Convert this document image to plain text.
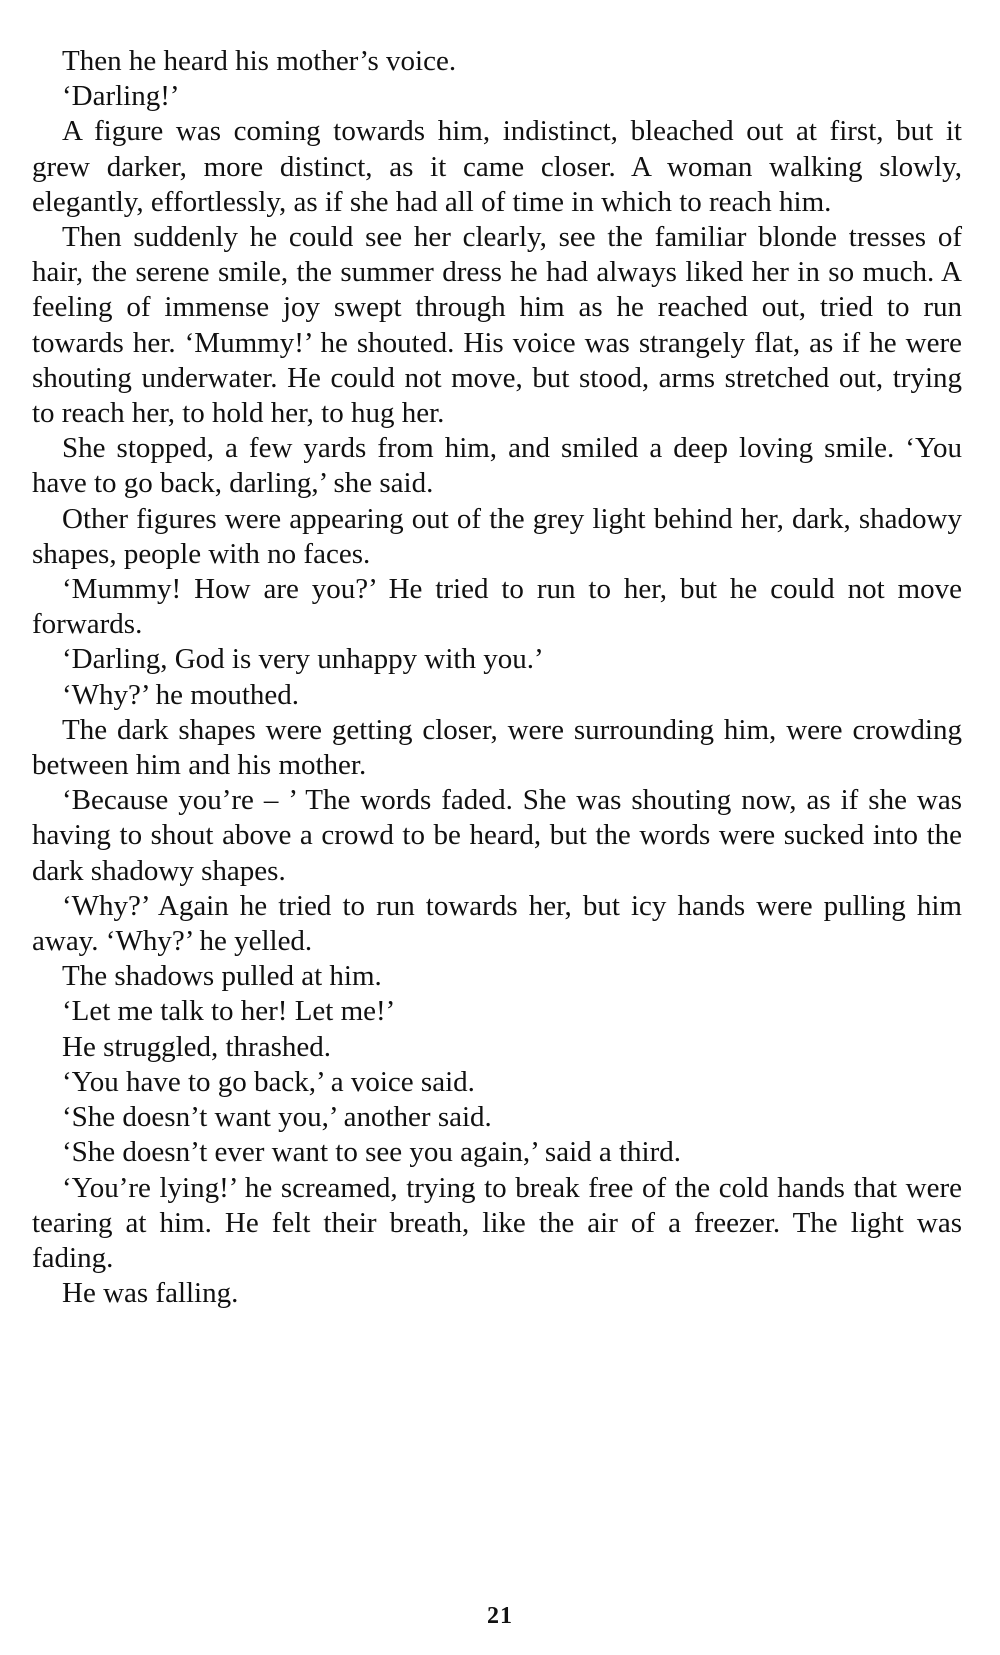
Then he heard his mother’s voice.

‘Darling!’

A figure was coming towards him, indistinct, bleached out at first, but it grew darker, more distinct, as it came closer. A woman walking slowly, elegantly, effortlessly, as if she had all of time in which to reach him.

Then suddenly he could see her clearly, see the familiar blonde tresses of hair, the serene smile, the summer dress he had always liked her in so much. A feeling of immense joy swept through him as he reached out, tried to run towards her. ‘Mummy!’ he shouted. His voice was strangely flat, as if he were shouting underwater. He could not move, but stood, arms stretched out, trying to reach her, to hold her, to hug her.

She stopped, a few yards from him, and smiled a deep loving smile. ‘You have to go back, darling,’ she said.

Other figures were appearing out of the grey light behind her, dark, shadowy shapes, people with no faces.

‘Mummy! How are you?’ He tried to run to her, but he could not move forwards.

‘Darling, God is very unhappy with you.’

‘Why?’ he mouthed.

The dark shapes were getting closer, were surrounding him, were crowding between him and his mother.

‘Because you’re – ’ The words faded. She was shouting now, as if she was having to shout above a crowd to be heard, but the words were sucked into the dark shadowy shapes.

‘Why?’ Again he tried to run towards her, but icy hands were pulling him away. ‘Why?’ he yelled.

The shadows pulled at him.

‘Let me talk to her! Let me!’

He struggled, thrashed.

‘You have to go back,’ a voice said.

‘She doesn’t want you,’ another said.

‘She doesn’t ever want to see you again,’ said a third.

‘You’re lying!’ he screamed, trying to break free of the cold hands that were tearing at him. He felt their breath, like the air of a freezer. The light was fading.

He was falling.

21
